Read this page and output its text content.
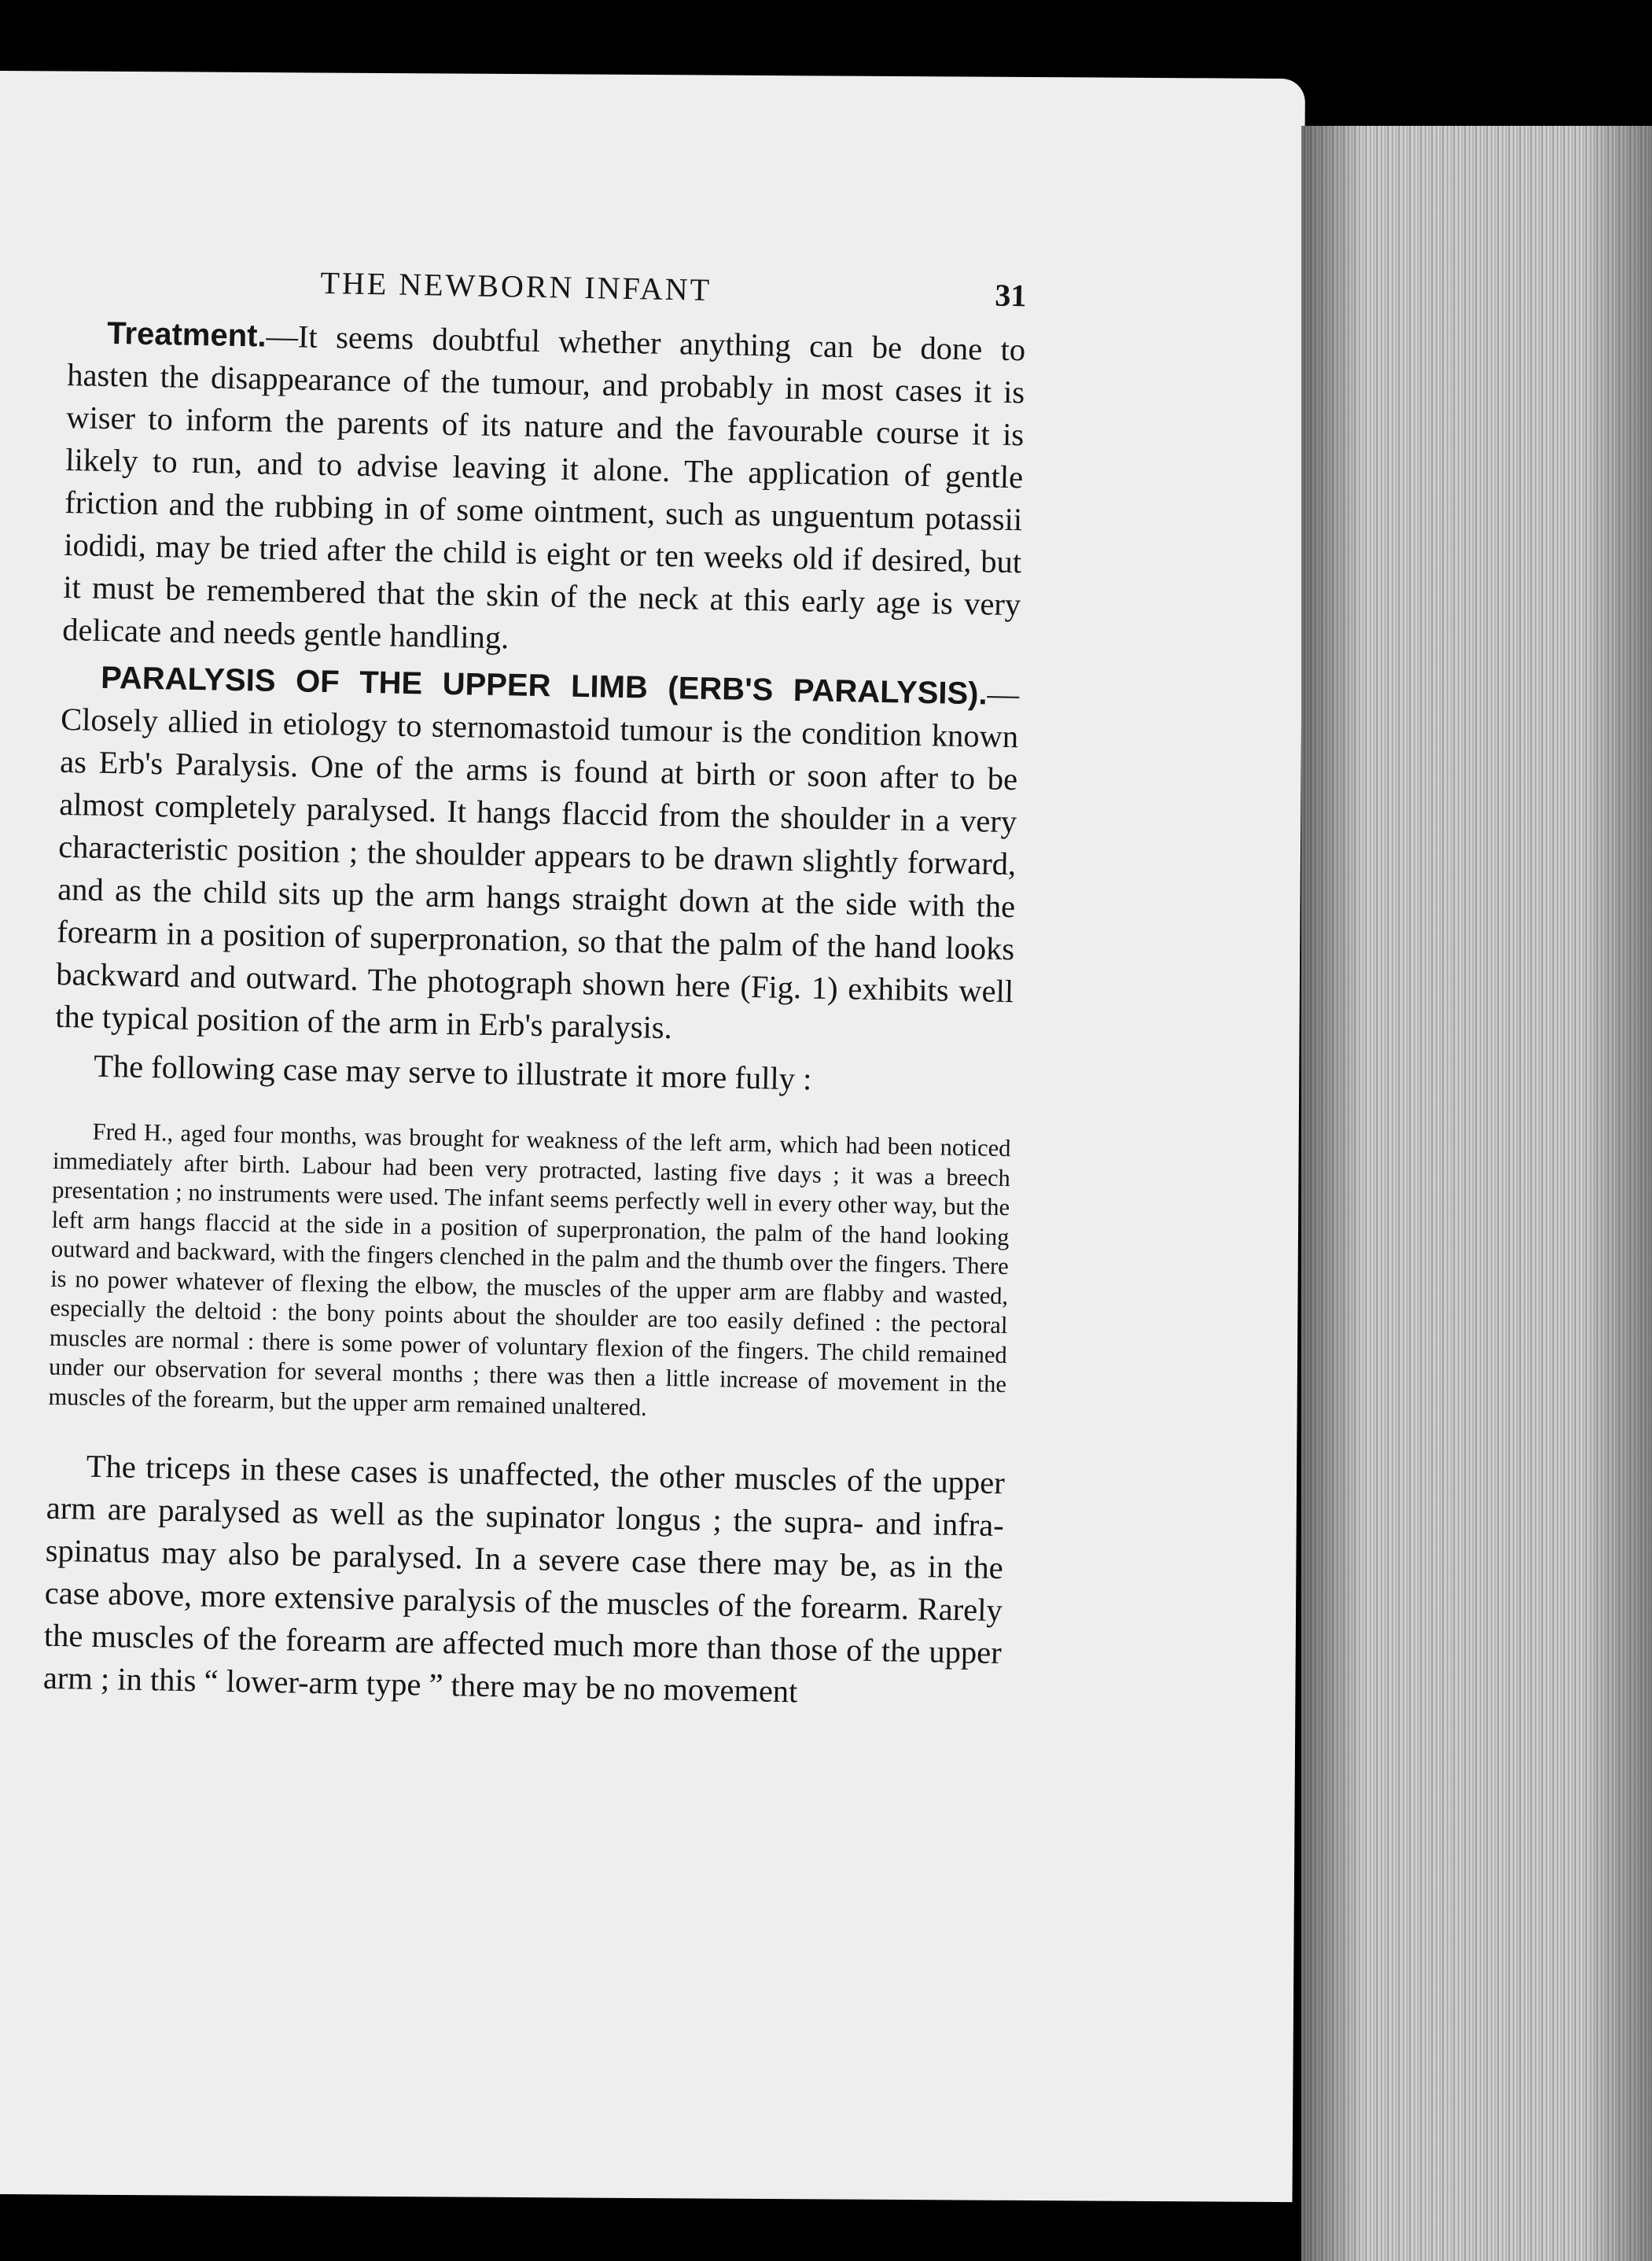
THE NEWBORN INFANT	31

Treatment.—It seems doubtful whether anything can be done to hasten the disappearance of the tumour, and probably in most cases it is wiser to inform the parents of its nature and the favourable course it is likely to run, and to advise leaving it alone. The application of gentle friction and the rubbing in of some ointment, such as unguentum potassii iodidi, may be tried after the child is eight or ten weeks old if desired, but it must be remembered that the skin of the neck at this early age is very delicate and needs gentle handling.

PARALYSIS OF THE UPPER LIMB (ERB'S PARALYSIS).—Closely allied in etiology to sternomastoid tumour is the condition known as Erb's Paralysis. One of the arms is found at birth or soon after to be almost completely paralysed. It hangs flaccid from the shoulder in a very characteristic position ; the shoulder appears to be drawn slightly forward, and as the child sits up the arm hangs straight down at the side with the forearm in a position of superpronation, so that the palm of the hand looks backward and outward. The photograph shown here (Fig. 1) exhibits well the typical position of the arm in Erb's paralysis.

The following case may serve to illustrate it more fully :

Fred H., aged four months, was brought for weakness of the left arm, which had been noticed immediately after birth. Labour had been very protracted, lasting five days ; it was a breech presentation ; no instruments were used. The infant seems perfectly well in every other way, but the left arm hangs flaccid at the side in a position of superpronation, the palm of the hand looking outward and backward, with the fingers clenched in the palm and the thumb over the fingers. There is no power whatever of flexing the elbow, the muscles of the upper arm are flabby and wasted, especially the deltoid : the bony points about the shoulder are too easily defined : the pectoral muscles are normal : there is some power of voluntary flexion of the fingers. The child remained under our observation for several months ; there was then a little increase of movement in the muscles of the forearm, but the upper arm remained unaltered.

The triceps in these cases is unaffected, the other muscles of the upper arm are paralysed as well as the supinator longus ; the supra- and infra-spinatus may also be paralysed. In a severe case there may be, as in the case above, more extensive paralysis of the muscles of the forearm. Rarely the muscles of the forearm are affected much more than those of the upper arm ; in this “ lower-arm type ” there may be no movement
